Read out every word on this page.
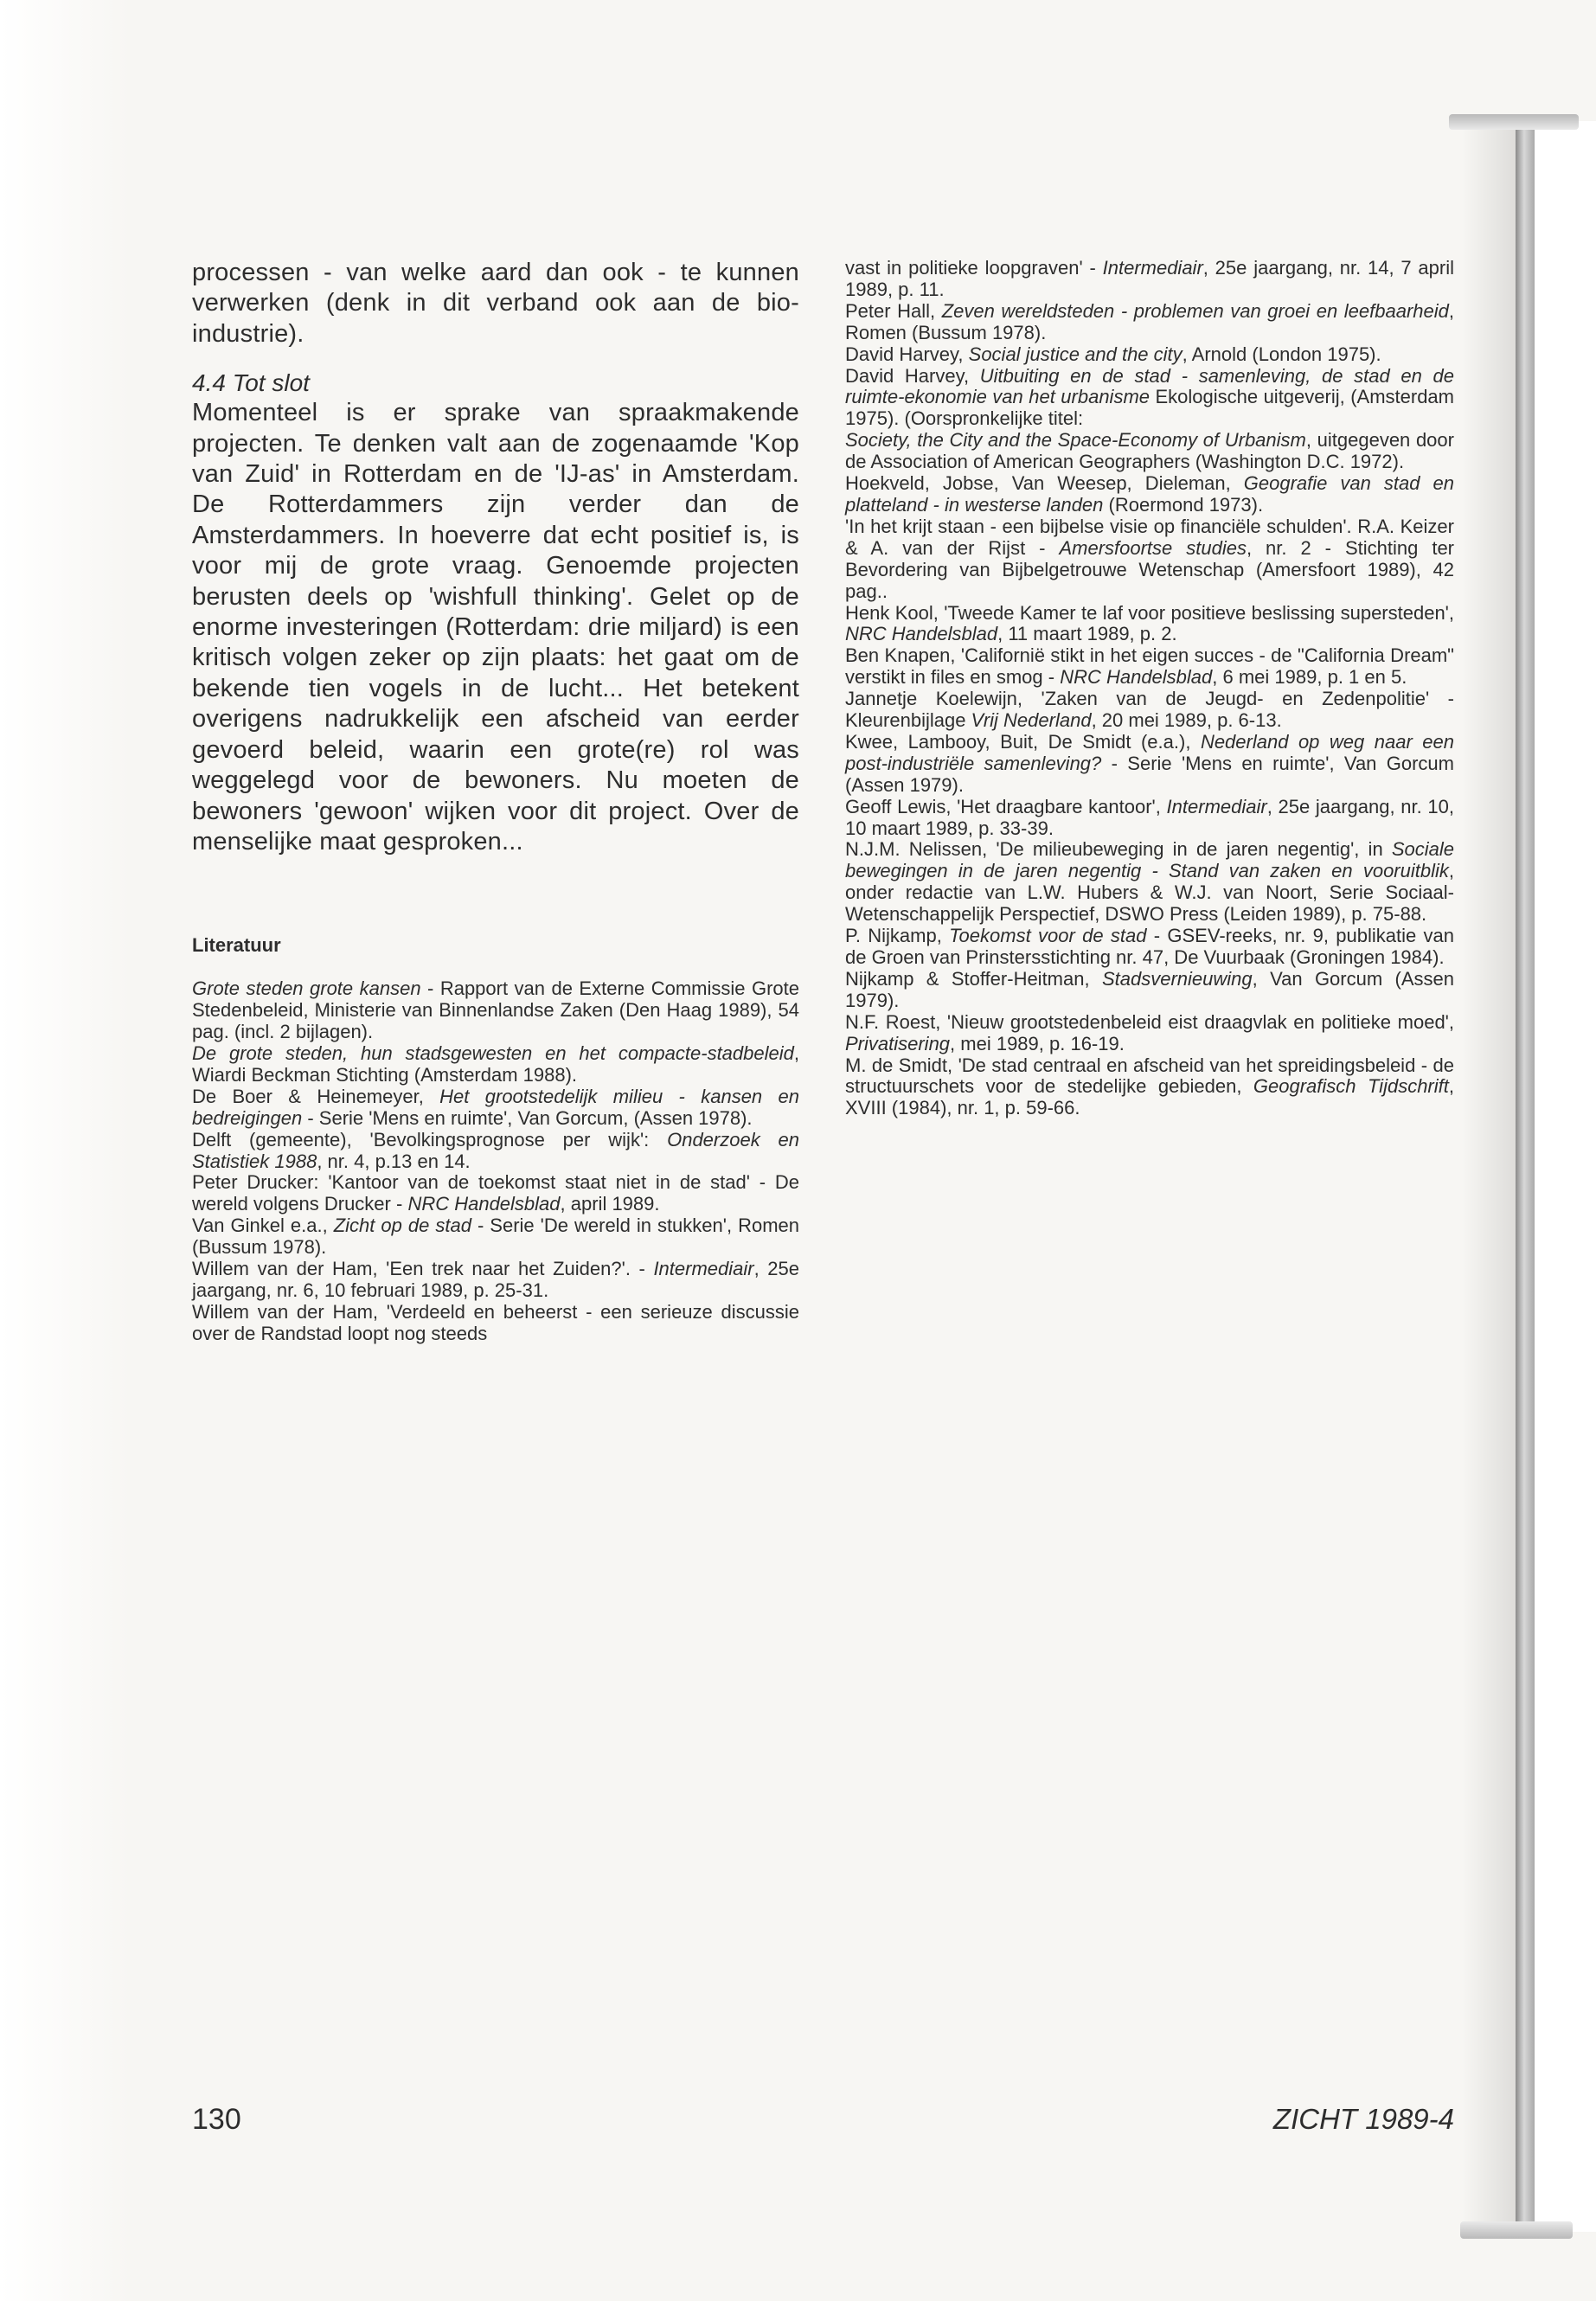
processen - van welke aard dan ook - te kunnen verwerken (denk in dit verband ook aan de bio-industrie).

4.4 Tot slot

Momenteel is er sprake van spraakmakende projecten. Te denken valt aan de zogenaamde 'Kop van Zuid' in Rotterdam en de 'IJ-as' in Amsterdam. De Rotterdammers zijn verder dan de Amsterdammers. In hoeverre dat echt positief is, is voor mij de grote vraag. Genoemde projecten berusten deels op 'wishfull thinking'. Gelet op de enorme investeringen (Rotterdam: drie miljard) is een kritisch volgen zeker op zijn plaats: het gaat om de bekende tien vogels in de lucht... Het betekent overigens nadrukkelijk een afscheid van eerder gevoerd beleid, waarin een grote(re) rol was weggelegd voor de bewoners. Nu moeten de bewoners 'gewoon' wijken voor dit project. Over de menselijke maat gesproken...

Literatuur

Grote steden grote kansen - Rapport van de Externe Commissie Grote Stedenbeleid, Ministerie van Binnenlandse Zaken (Den Haag 1989), 54 pag. (incl. 2 bijlagen).

De grote steden, hun stadsgewesten en het compacte-stadbeleid, Wiardi Beckman Stichting (Amsterdam 1988).

De Boer & Heinemeyer, Het grootstedelijk milieu - kansen en bedreigingen - Serie 'Mens en ruimte', Van Gorcum, (Assen 1978).

Delft (gemeente), 'Bevolkingsprognose per wijk': Onderzoek en Statistiek 1988, nr. 4, p.13 en 14.

Peter Drucker: 'Kantoor van de toekomst staat niet in de stad' - De wereld volgens Drucker - NRC Handelsblad, april 1989.

Van Ginkel e.a., Zicht op de stad - Serie 'De wereld in stukken', Romen (Bussum 1978).

Willem van der Ham, 'Een trek naar het Zuiden?'. - Intermediair, 25e jaargang, nr. 6, 10 februari 1989, p. 25-31.

Willem van der Ham, 'Verdeeld en beheerst - een serieuze discussie over de Randstad loopt nog steeds

vast in politieke loopgraven' - Intermediair, 25e jaargang, nr. 14, 7 april 1989, p. 11.

Peter Hall, Zeven wereldsteden - problemen van groei en leefbaarheid, Romen (Bussum 1978).

David Harvey, Social justice and the city, Arnold (London 1975).

David Harvey, Uitbuiting en de stad - samenleving, de stad en de ruimte-ekonomie van het urbanisme Ekologische uitgeverij, (Amsterdam 1975). (Oorspronkelijke titel:

Society, the City and the Space-Economy of Urbanism, uitgegeven door de Association of American Geographers (Washington D.C. 1972).

Hoekveld, Jobse, Van Weesep, Dieleman, Geografie van stad en platteland - in westerse landen (Roermond 1973).

'In het krijt staan - een bijbelse visie op financiële schulden'. R.A. Keizer & A. van der Rijst - Amersfoortse studies, nr. 2 - Stichting ter Bevordering van Bijbelgetrouwe Wetenschap (Amersfoort 1989), 42 pag..

Henk Kool, 'Tweede Kamer te laf voor positieve beslissing supersteden', NRC Handelsblad, 11 maart 1989, p. 2.

Ben Knapen, 'Californië stikt in het eigen succes - de "California Dream" verstikt in files en smog - NRC Handelsblad, 6 mei 1989, p. 1 en 5.

Jannetje Koelewijn, 'Zaken van de Jeugd- en Zedenpolitie' - Kleurenbijlage Vrij Nederland, 20 mei 1989, p. 6-13.

Kwee, Lambooy, Buit, De Smidt (e.a.), Nederland op weg naar een post-industriële samenleving? - Serie 'Mens en ruimte', Van Gorcum (Assen 1979).

Geoff Lewis, 'Het draagbare kantoor', Intermediair, 25e jaargang, nr. 10, 10 maart 1989, p. 33-39.

N.J.M. Nelissen, 'De milieubeweging in de jaren negentig', in Sociale bewegingen in de jaren negentig - Stand van zaken en vooruitblik, onder redactie van L.W. Hubers & W.J. van Noort, Serie Sociaal-Wetenschappelijk Perspectief, DSWO Press (Leiden 1989), p. 75-88.

P. Nijkamp, Toekomst voor de stad - GSEV-reeks, nr. 9, publikatie van de Groen van Prinstersstichting nr. 47, De Vuurbaak (Groningen 1984).

Nijkamp & Stoffer-Heitman, Stadsvernieuwing, Van Gorcum (Assen 1979).

N.F. Roest, 'Nieuw grootstedenbeleid eist draagvlak en politieke moed', Privatisering, mei 1989, p. 16-19.

M. de Smidt, 'De stad centraal en afscheid van het spreidingsbeleid - de structuurschets voor de stedelijke gebieden, Geografisch Tijdschrift, XVIII (1984), nr. 1, p. 59-66.

130	ZICHT 1989-4
